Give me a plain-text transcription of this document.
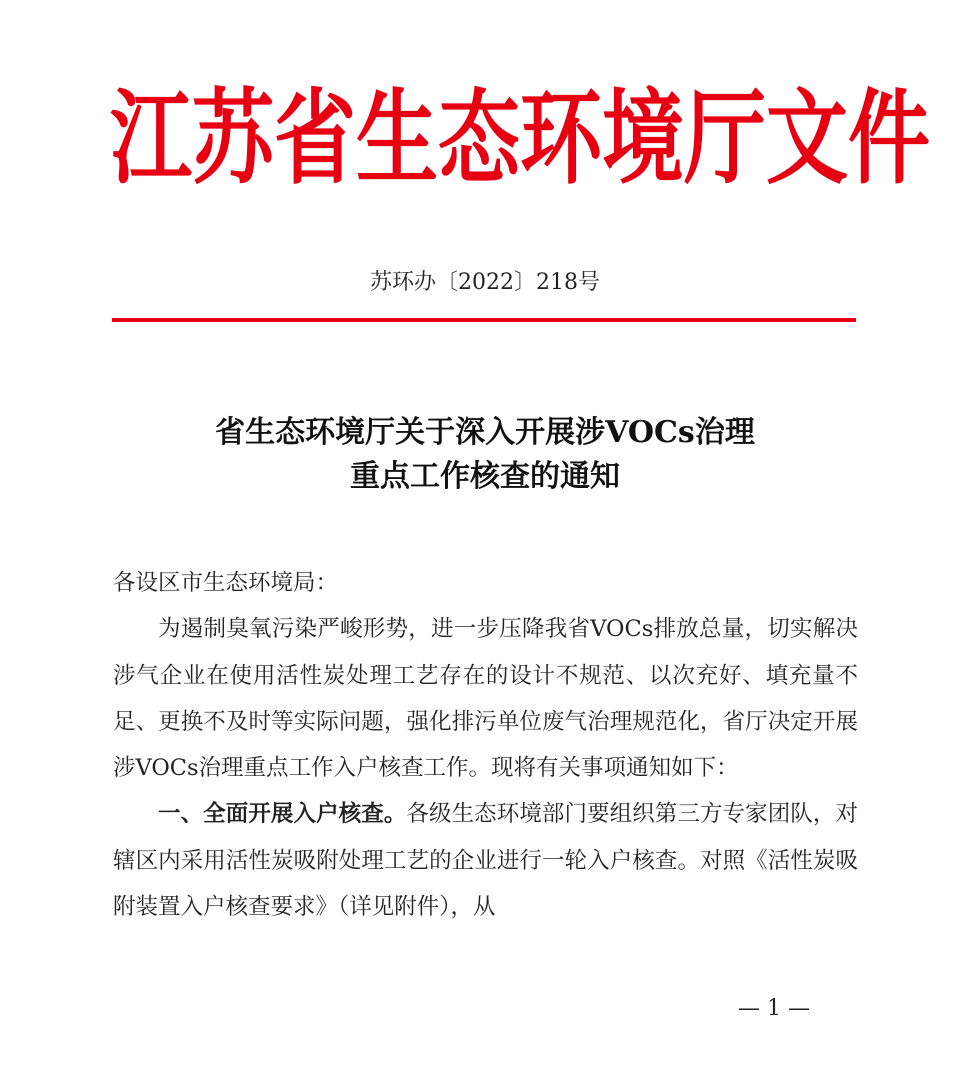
江苏省生态环境厅文件
苏环办〔2022〕218号
省生态环境厅关于深入开展涉VOCs治理
重点工作核查的通知

各设区市生态环境局：

为遏制臭氧污染严峻形势，进一步压降我省VOCs排放总量，切实解决涉气企业在使用活性炭处理工艺存在的设计不规范、以次充好、填充量不足、更换不及时等实际问题，强化排污单位废气治理规范化，省厅决定开展涉VOCs治理重点工作入户核查工作。现将有关事项通知如下：

一、全面开展入户核查。各级生态环境部门要组织第三方专家团队，对辖区内采用活性炭吸附处理工艺的企业进行一轮入户核查。对照《活性炭吸附装置入户核查要求》（详见附件），从

— 1 —
